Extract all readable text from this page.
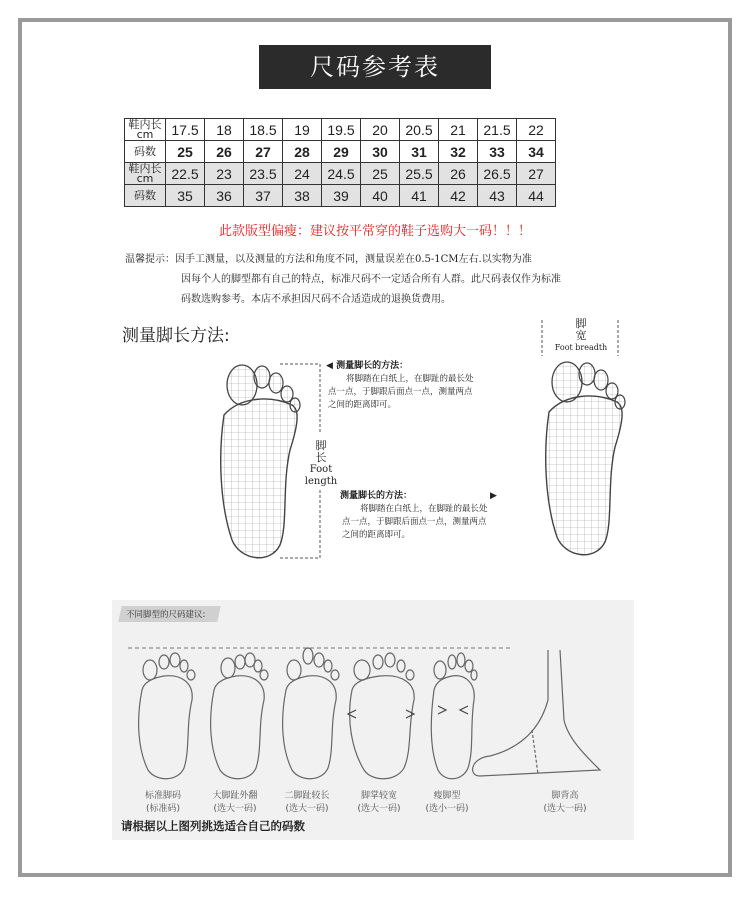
尺码参考表
鞋内长cm	17.5	18	18.5	19	19.5	20	20.5	21	21.5	22
码数	25	26	27	28	29	30	31	32	33	34
鞋内长cm	22.5	23	23.5	24	24.5	25	25.5	26	26.5	27
码数	35	36	37	38	39	40	41	42	43	44
此款版型偏瘦：建议按平常穿的鞋子选购大一码！！！
温馨提示：因手工测量，以及测量的方法和角度不同，测量误差在0.5-1CM左右.以实物为准
因每个人的脚型都有自己的特点，标准尺码不一定适合所有人群。此尺码表仅作为标准
码数选购参考。本店不承担因尺码不合适造成的退换货费用。
测量脚长方法:
脚
长
Foot length
◀ 测量脚长的方法：
将脚踏在白纸上，在脚趾的最长处
点一点，于脚跟后面点一点，测量两点
之间的距离即可。
测量脚长的方法：	▶
将脚踏在白纸上，在脚趾的最长处
点一点，于脚跟后面点一点，测量两点
之间的距离即可。
脚
宽
Foot breadth
不同脚型的尺码建议:
标准脚码
(标准码)
大脚趾外翻
(选大一码)
二脚趾较长
(选大一码)
脚掌较宽
(选大一码)
瘦脚型
(选小一码)
脚背高
(选大一码)
请根据以上图列挑选适合自己的码数
